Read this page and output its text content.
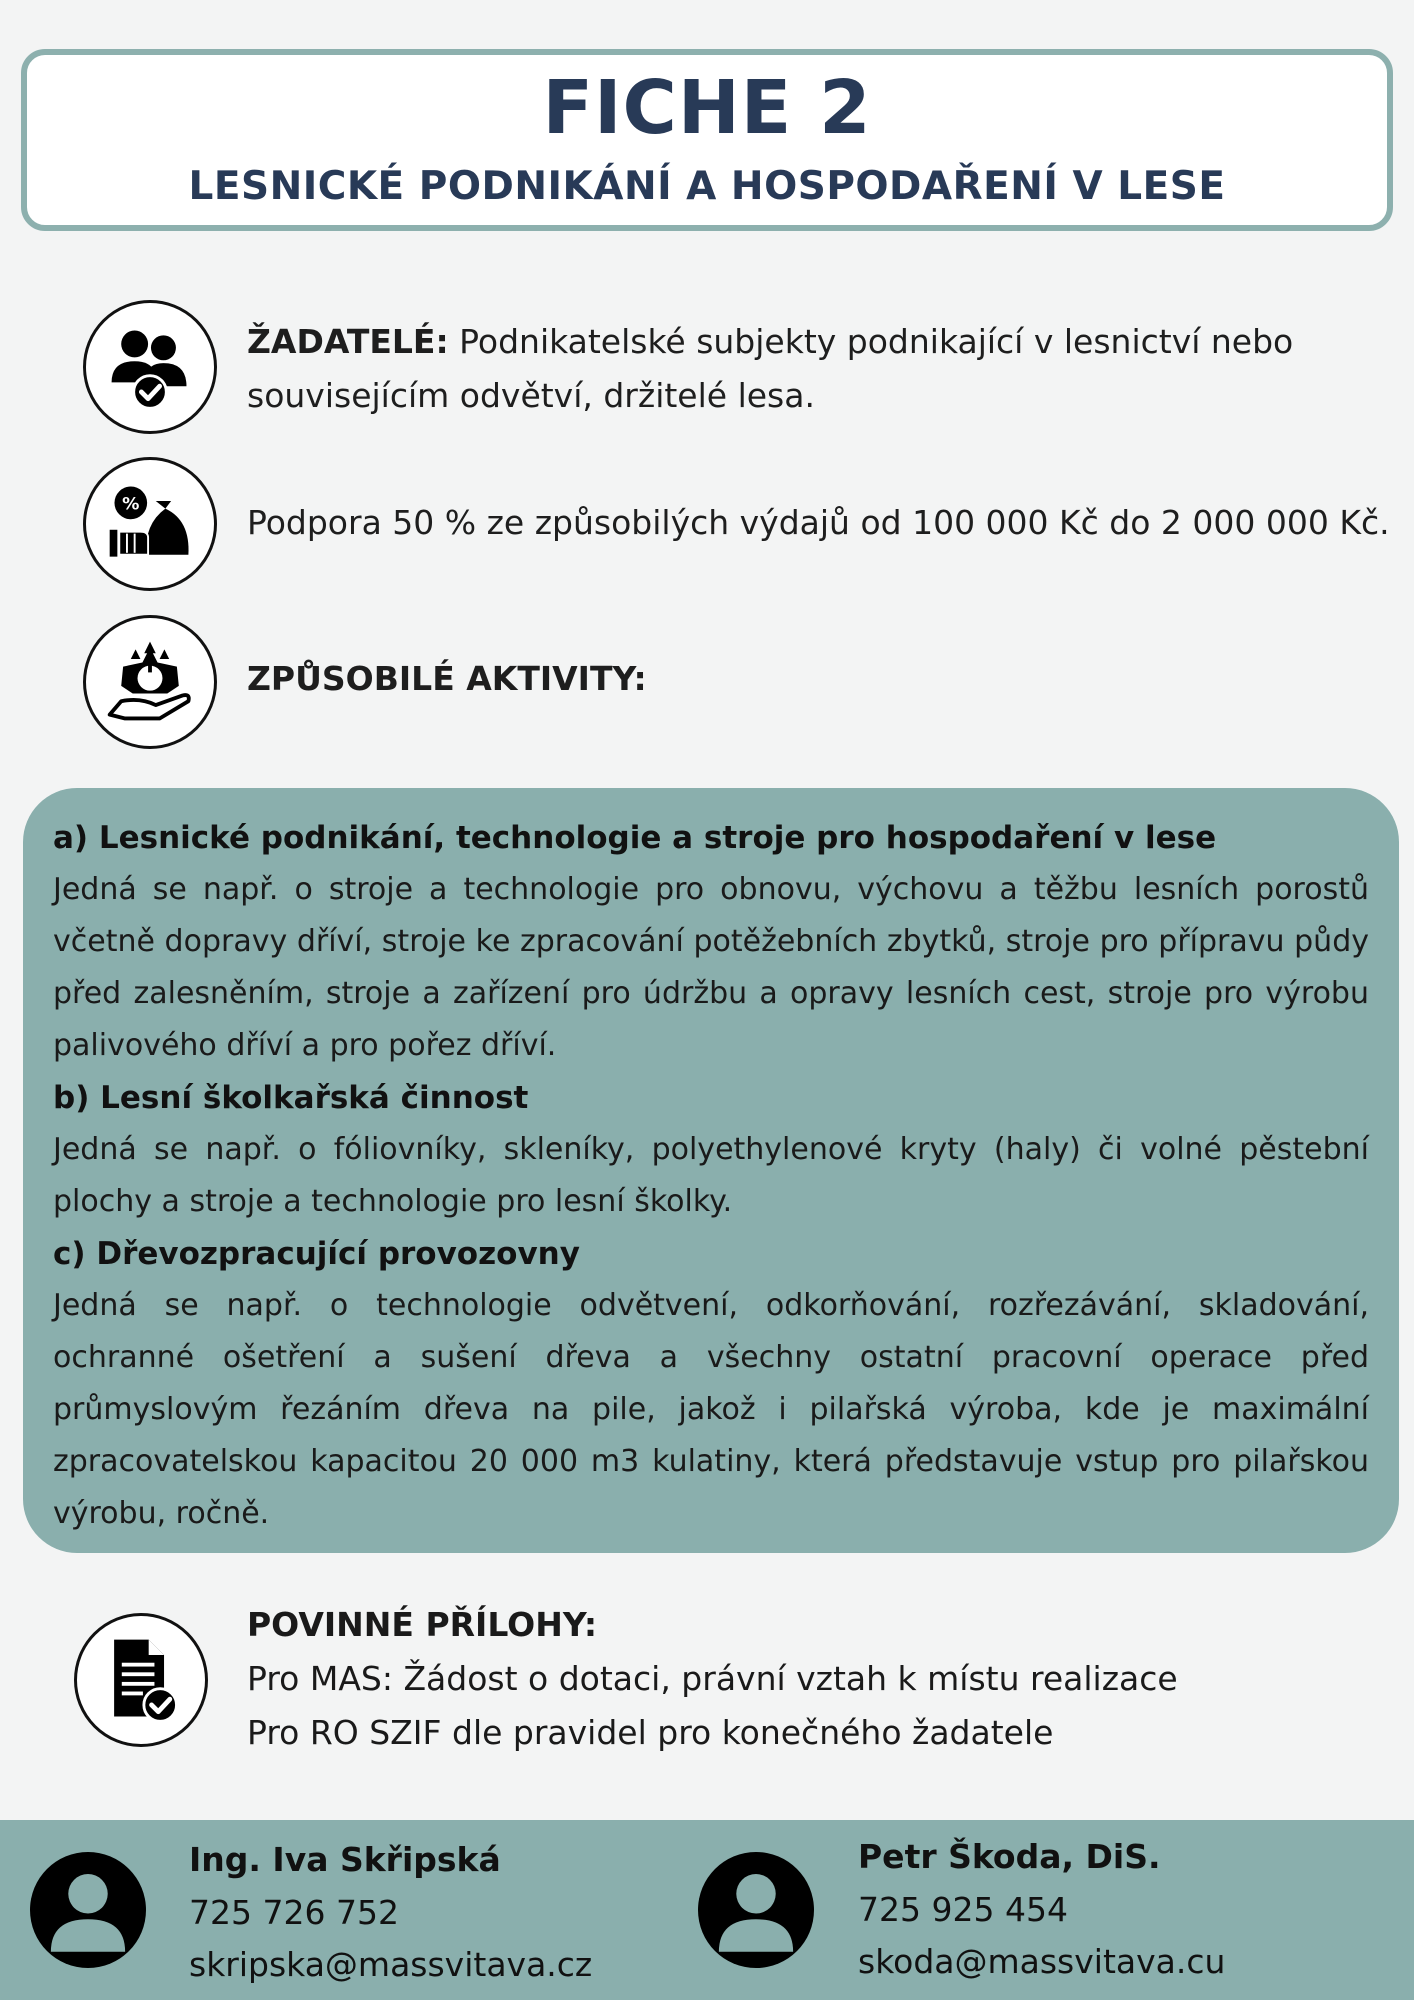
FICHE 2
LESNICKÉ PODNIKÁNÍ A HOSPODAŘENÍ V LESE
ŽADATELÉ: Podnikatelské subjekty podnikající v lesnictví nebo
souvisejícím odvětví, držitelé lesa.
%	Podpora 50 % ze způsobilých výdajů od 100 000 Kč do 2 000 000 Kč.
ZPŮSOBILÉ AKTIVITY:
a) Lesnické podnikání, technologie a stroje pro hospodaření v lese
Jedná se např. o stroje a technologie pro obnovu, výchovu a těžbu lesních porostů včetně dopravy dříví, stroje ke zpracování potěžebních zbytků, stroje pro přípravu půdy před zalesněním, stroje a zařízení pro údržbu a opravy lesních cest, stroje pro výrobu palivového dříví a pro pořez dříví.
b) Lesní školkařská činnost
Jedná se např. o fóliovníky, skleníky, polyethylenové kryty (haly) či volné pěstební plochy a stroje a technologie pro lesní školky.
c) Dřevozpracující provozovny
Jedná se např. o technologie odvětvení, odkorňování, rozřezávání, skladování, ochranné ošetření a sušení dřeva a všechny ostatní pracovní operace před průmyslovým řezáním dřeva na pile, jakož i pilařská výroba, kde je maximální zpracovatelskou kapacitou 20 000 m3 kulatiny, která představuje vstup pro pilařskou výrobu, ročně.
POVINNÉ PŘÍLOHY:
Pro MAS: Žádost o dotaci, právní vztah k místu realizace
Pro RO SZIF dle pravidel pro konečného žadatele
Ing. Iva Skřipská
725 726 752
skripska@massvitava.cz
Petr Škoda, DiS.
725 925 454
skoda@massvitava.cu
